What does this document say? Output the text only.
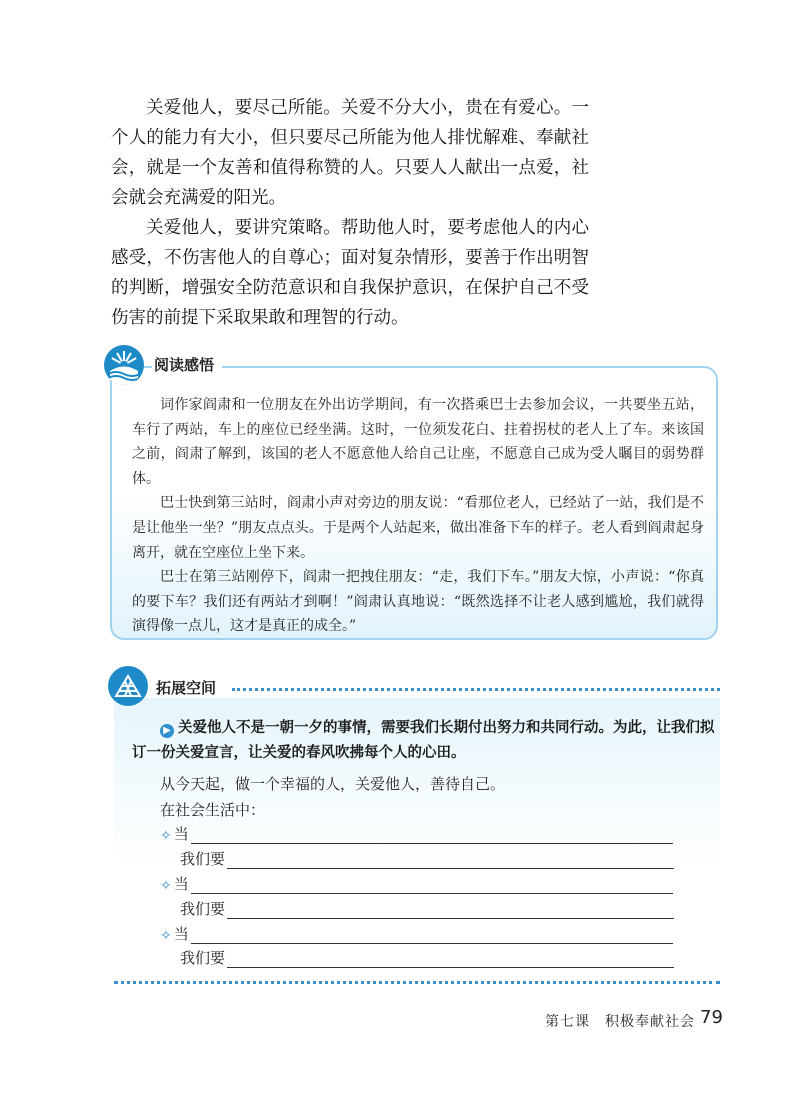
关爱他人，要尽己所能。关爱不分大小，贵在有爱心。一个人的能力有大小，但只要尽己所能为他人排忧解难、奉献社会，就是一个友善和值得称赞的人。只要人人献出一点爱，社会就会充满爱的阳光。

关爱他人，要讲究策略。帮助他人时，要考虑他人的内心感受，不伤害他人的自尊心；面对复杂情形，要善于作出明智的判断，增强安全防范意识和自我保护意识，在保护自己不受伤害的前提下采取果敢和理智的行动。

阅读感悟

词作家阎肃和一位朋友在外出访学期间，有一次搭乘巴士去参加会议，一共要坐五站，车行了两站，车上的座位已经坐满。这时，一位须发花白、拄着拐杖的老人上了车。来该国之前，阎肃了解到，该国的老人不愿意他人给自己让座，不愿意自己成为受人瞩目的弱势群体。

巴士快到第三站时，阎肃小声对旁边的朋友说：“看那位老人，已经站了一站，我们是不是让他坐一坐？”朋友点点头。于是两个人站起来，做出准备下车的样子。老人看到阎肃起身离开，就在空座位上坐下来。

巴士在第三站刚停下，阎肃一把拽住朋友：“走，我们下车。”朋友大惊，小声说：“你真的要下车？我们还有两站才到啊！”阎肃认真地说：“既然选择不让老人感到尴尬，我们就得演得像一点儿，这才是真正的成全。”

拓展空间
▶ 关爱他人不是一朝一夕的事情，需要我们长期付出努力和共同行动。为此，让我们拟订一份关爱宣言，让关爱的春风吹拂每个人的心田。
从今天起，做一个幸福的人，关爱他人，善待自己。
在社会生活中：
✧ 当
我们要
✧ 当
我们要
✧ 当
我们要
第七课　积极奉献社会 79
